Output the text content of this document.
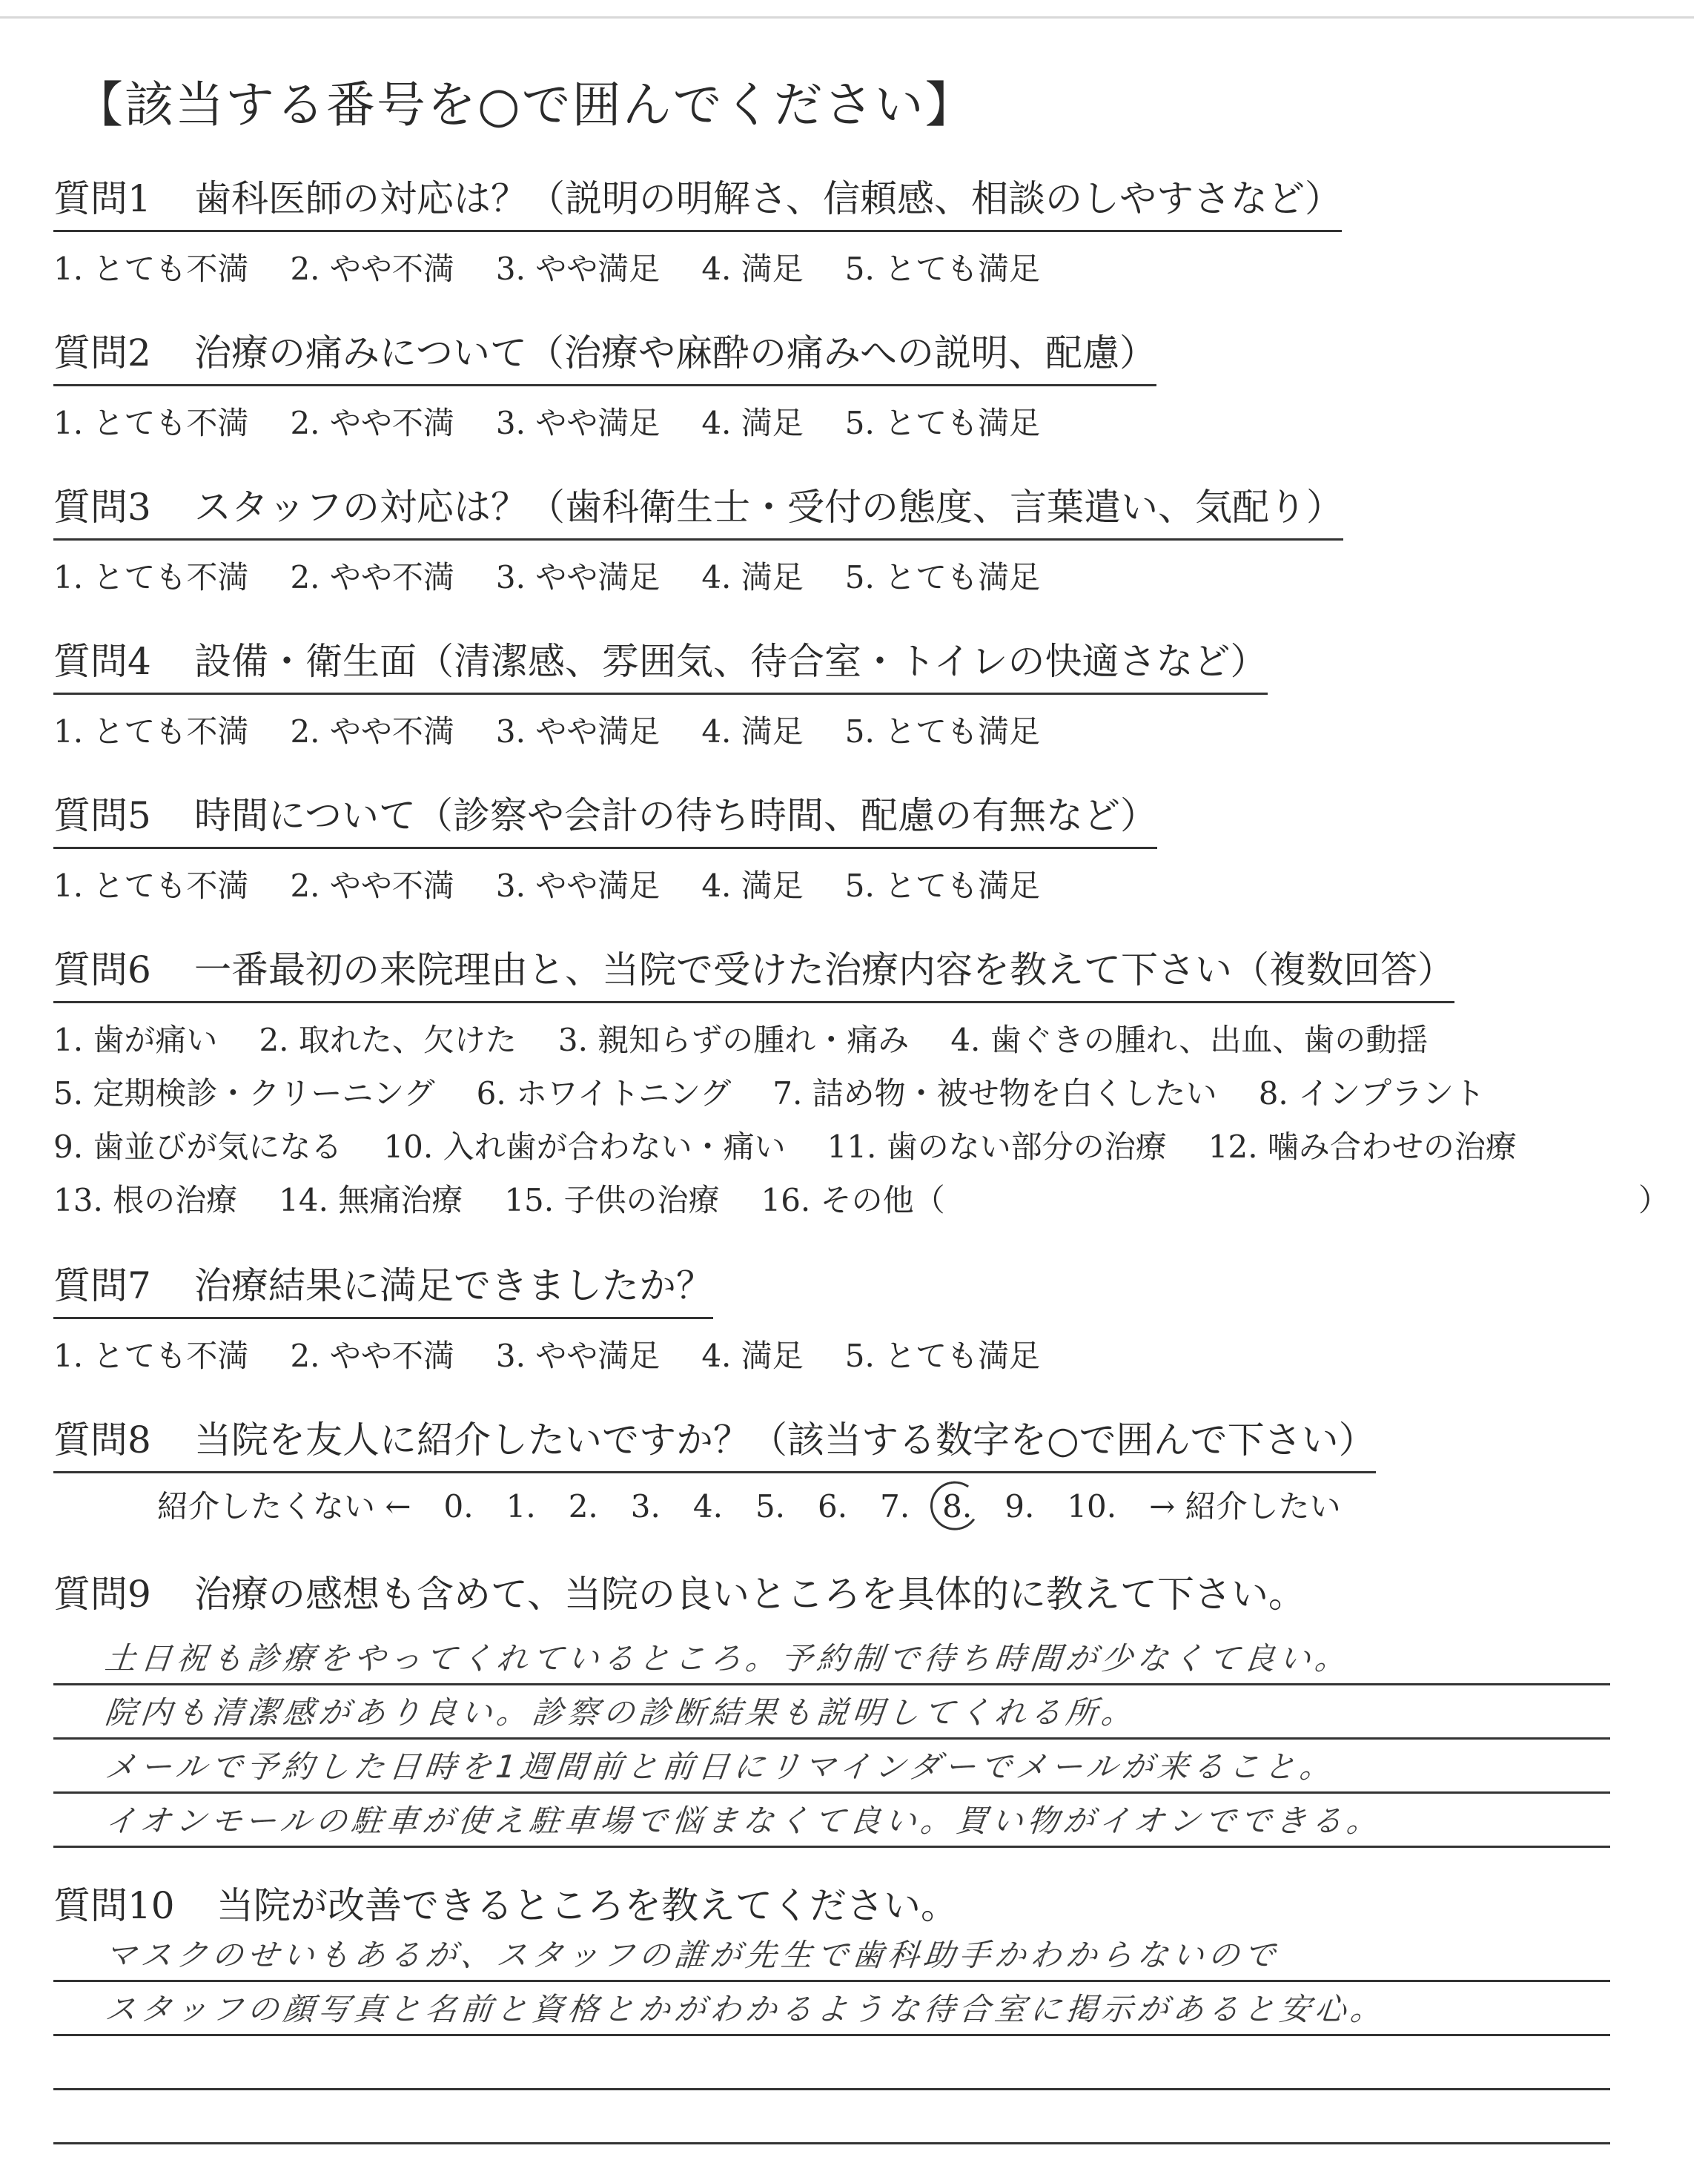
【該当する番号を○で囲んでください】
質問1 歯科医師の対応は？（説明の明解さ、信頼感、相談のしやすさなど）
1. とても不満 2. やや不満 3. やや満足 4. 満足 5. とても満足
質問2 治療の痛みについて（治療や麻酔の痛みへの説明、配慮）
1. とても不満 2. やや不満 3. やや満足 4. 満足 5. とても満足
質問3 スタッフの対応は？（歯科衛生士・受付の態度、言葉遣い、気配り）
1. とても不満 2. やや不満 3. やや満足 4. 満足 5. とても満足
質問4 設備・衛生面（清潔感、雰囲気、待合室・トイレの快適さなど）
1. とても不満 2. やや不満 3. やや満足 4. 満足 5. とても満足
質問5 時間について（診察や会計の待ち時間、配慮の有無など）
1. とても不満 2. やや不満 3. やや満足 4. 満足 5. とても満足
質問6 一番最初の来院理由と、当院で受けた治療内容を教えて下さい（複数回答）
1. 歯が痛い 2. 取れた、欠けた 3. 親知らずの腫れ・痛み 4. 歯ぐきの腫れ、出血、歯の動揺
5. 定期検診・クリーニング 6. ホワイトニング 7. 詰め物・被せ物を白くしたい 8. インプラント
9. 歯並びが気になる 10. 入れ歯が合わない・痛い 11. 歯のない部分の治療 12. 噛み合わせの治療
13. 根の治療 14. 無痛治療 15. 子供の治療 16. その他（	）
質問7 治療結果に満足できましたか？
1. とても不満 2. やや不満 3. やや満足 4. 満足 5. とても満足
質問8 当院を友人に紹介したいですか？（該当する数字を○で囲んで下さい）
紹介したくない ← 0. 1. 2. 3. 4. 5. 6. 7. 8. 9. 10. → 紹介したい
質問9 治療の感想も含めて、当院の良いところを具体的に教えて下さい。
土日祝も診療をやってくれているところ。予約制で待ち時間が少なくて良い。
院内も清潔感があり良い。診察の診断結果も説明してくれる所。
メールで予約した日時を1週間前と前日にリマインダーでメールが来ること。
イオンモールの駐車が使え駐車場で悩まなくて良い。買い物がイオンでできる。
質問10 当院が改善できるところを教えてください。
マスクのせいもあるが、スタッフの誰が先生で歯科助手かわからないので
スタッフの顔写真と名前と資格とかがわかるような待合室に掲示があると安心。
